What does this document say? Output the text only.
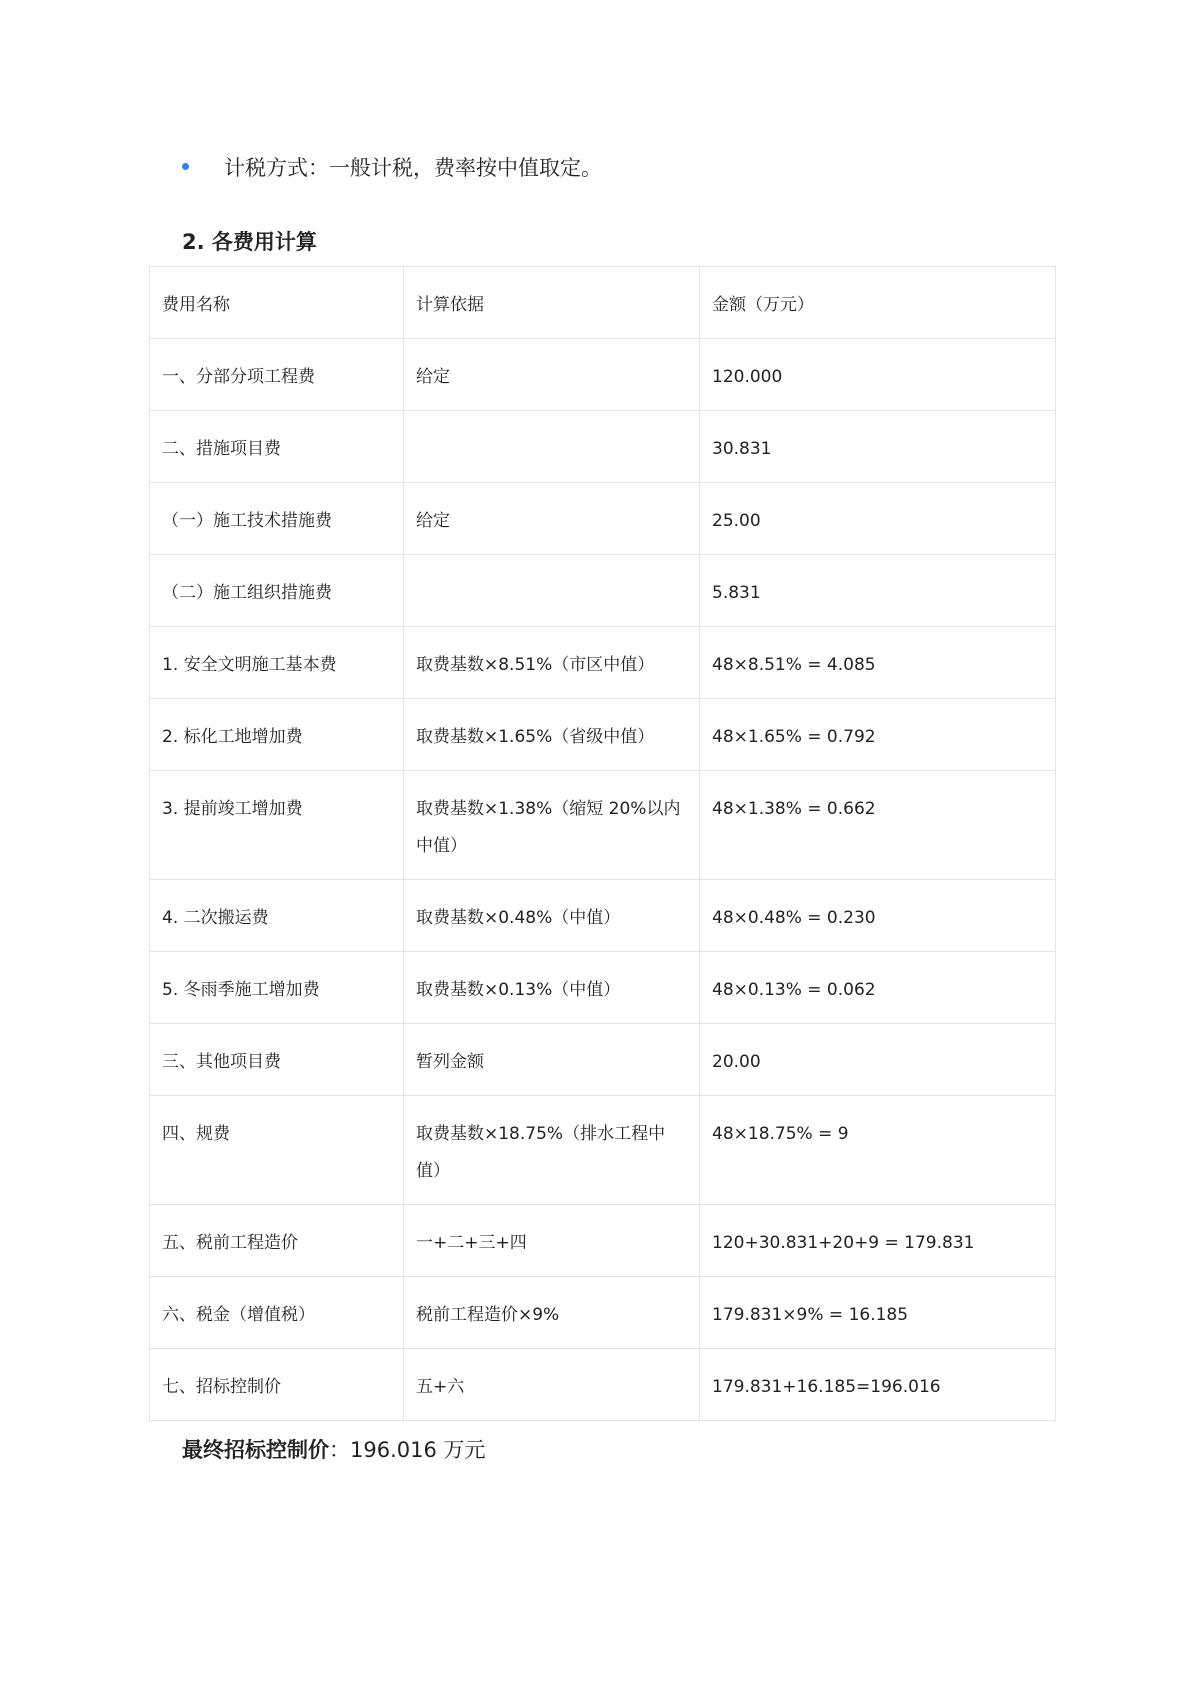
计税方式：一般计税，费率按中值取定。
2. 各费用计算
费用名称	计算依据	金额（万元）
一、分部分项工程费	给定	120.000
二、措施项目费		30.831
（一）施工技术措施费	给定	25.00
（二）施工组织措施费		5.831
1. 安全文明施工基本费	取费基数×8.51%（市区中值）	48×8.51% = 4.085
2. 标化工地增加费	取费基数×1.65%（省级中值）	48×1.65% = 0.792
3. 提前竣工增加费	取费基数×1.38%（缩短 20%以内中值）	48×1.38% = 0.662
4. 二次搬运费	取费基数×0.48%（中值）	48×0.48% = 0.230
5. 冬雨季施工增加费	取费基数×0.13%（中值）	48×0.13% = 0.062
三、其他项目费	暂列金额	20.00
四、规费	取费基数×18.75%（排水工程中值）	48×18.75% = 9
五、税前工程造价	一+二+三+四	120+30.831+20+9 = 179.831
六、税金（增值税）	税前工程造价×9%	179.831×9% = 16.185
七、招标控制价	五+六	179.831+16.185=196.016
最终招标控制价：196.016 万元
